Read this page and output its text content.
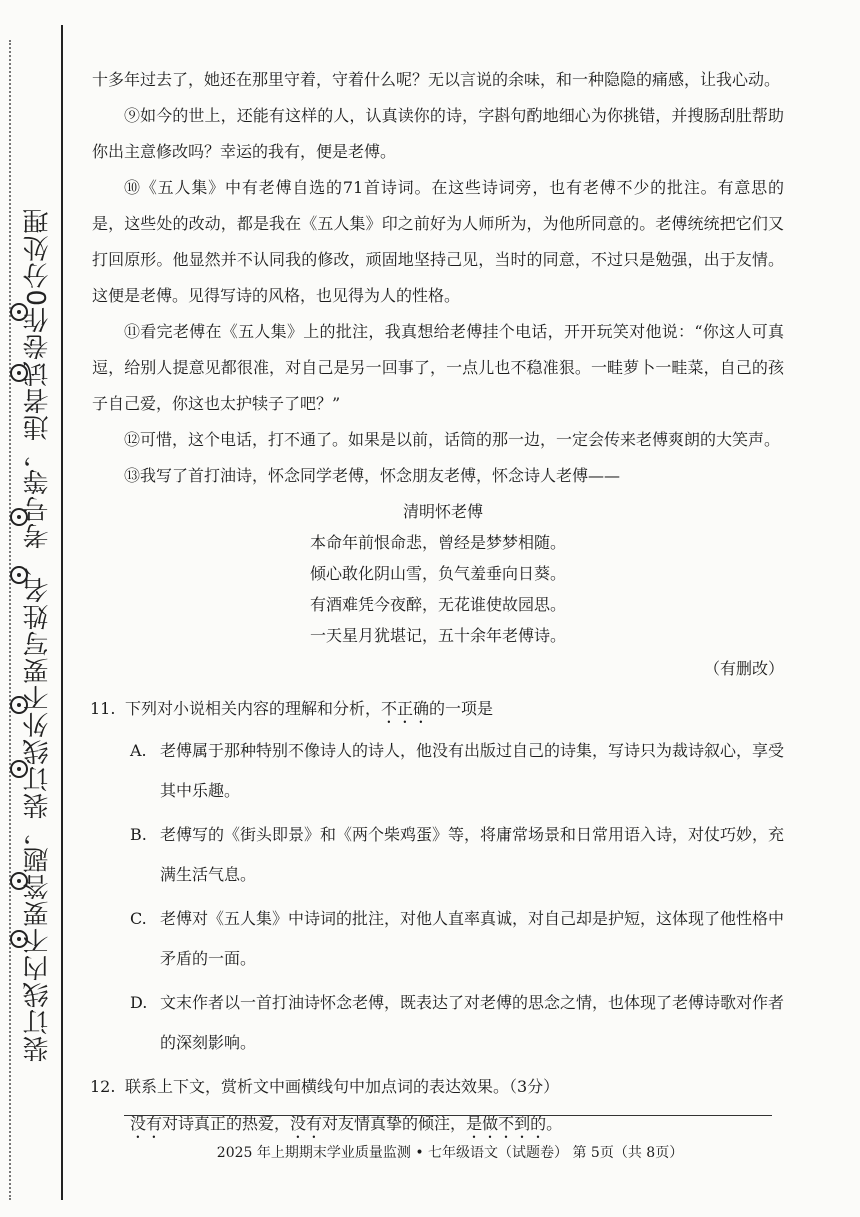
装订线内不要答题，装订线外不要写姓名、考号等，违者试卷作0分处理

十多年过去了，她还在那里守着，守着什么呢？无以言说的余味，和一种隐隐的痛感，让我心动。

⑨如今的世上，还能有这样的人，认真读你的诗，字斟句酌地细心为你挑错，并搜肠刮肚帮助你出主意修改吗？幸运的我有，便是老傅。

⑩《五人集》中有老傅自选的71首诗词。在这些诗词旁，也有老傅不少的批注。有意思的是，这些处的改动，都是我在《五人集》印之前好为人师所为，为他所同意的。老傅统统把它们又打回原形。他显然并不认同我的修改，顽固地坚持己见，当时的同意，不过只是勉强，出于友情。这便是老傅。见得写诗的风格，也见得为人的性格。

⑪看完老傅在《五人集》上的批注，我真想给老傅挂个电话，开开玩笑对他说：“你这人可真逗，给别人提意见都很准，对自己是另一回事了，一点儿也不稳准狠。一畦萝卜一畦菜，自己的孩子自己爱，你这也太护犊子了吧？”

⑫可惜，这个电话，打不通了。如果是以前，话筒的那一边，一定会传来老傅爽朗的大笑声。

⑬我写了首打油诗，怀念同学老傅，怀念朋友老傅，怀念诗人老傅——

清明怀老傅
本命年前恨命悲，曾经是梦梦相随。
倾心敢化阴山雪，负气羞垂向日葵。
有酒难凭今夜醉，无花谁使故园思。
一天星月犹堪记，五十余年老傅诗。

（有删改）

11. 下列对小说相关内容的理解和分析，不正确的一项是
A. 老傅属于那种特别不像诗人的诗人，他没有出版过自己的诗集，写诗只为裁诗叙心，享受其中乐趣。
B. 老傅写的《街头即景》和《两个柴鸡蛋》等，将庸常场景和日常用语入诗，对仗巧妙，充满生活气息。
C. 老傅对《五人集》中诗词的批注，对他人直率真诚，对自己却是护短，这体现了他性格中矛盾的一面。
D. 文末作者以一首打油诗怀念老傅，既表达了对老傅的思念之情，也体现了老傅诗歌对作者的深刻影响。
12. 联系上下文，赏析文中画横线句中加点词的表达效果。（3分）
没有对诗真正的热爱，没有对友情真挚的倾注，是做不到的。
2025 年上期期末学业质量监测 • 七年级语文（试题卷） 第 5页（共 8页）
